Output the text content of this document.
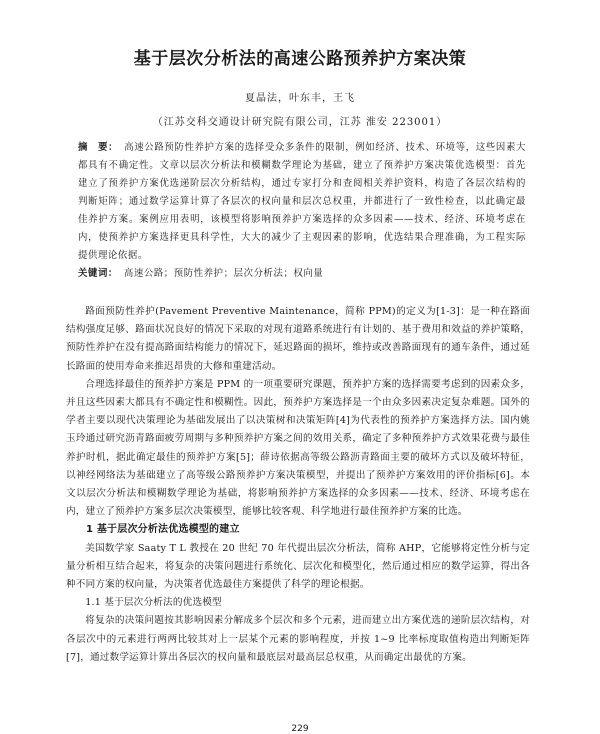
基于层次分析法的高速公路预养护方案决策
夏晶法，叶东丰，王飞
（江苏交科交通设计研究院有限公司，江苏 淮安 223001）
摘　要： 高速公路预防性养护方案的选择受众多条件的限制，例如经济、技术、环境等，这些因素大都具有不确定性。文章以层次分析法和模糊数学理论为基础，建立了预养护方案决策优选模型：首先建立了预养护方案优选递阶层次分析结构，通过专家打分和查阅相关养护资料，构造了各层次结构的判断矩阵；通过数学运算计算了各层次的权向量和层次总权重，并都进行了一致性检查，以此确定最佳养护方案。案例应用表明，该模型将影响预养护方案选择的众多因素——技术、经济、环境考虑在内，使预养护方案选择更具科学性，大大的减少了主观因素的影响，优选结果合理准确，为工程实际提供理论依据。
关键词： 高速公路；预防性养护；层次分析法；权向量

路面预防性养护(Pavement Preventive Maintenance，简称 PPM)的定义为[1-3]：是一种在路面结构强度足够、路面状况良好的情况下采取的对现有道路系统进行有计划的、基于费用和效益的养护策略，预防性养护在没有提高路面结构能力的情况下，延迟路面的损坏，维持或改善路面现有的通车条件，通过延长路面的使用寿命来推迟昂贵的大修和重建活动。

合理选择最佳的预养护方案是 PPM 的一项重要研究课题，预养护方案的选择需要考虑到的因素众多，并且这些因素大都具有不确定性和模糊性。因此，预养护方案选择是一个由众多因素决定复杂难题。国外的学者主要以现代决策理论为基础发展出了以决策树和决策矩阵[4]为代表性的预养护方案选择方法。国内姚玉玲通过研究沥青路面疲劳周期与多种预养护方案之间的效用关系，确定了多种预养护方式效果花费与最佳养护时机，据此确定最佳的预养护方案[5]；薛诗依据高等级公路沥青路面主要的破坏方式以及破坏特征，以神经网络法为基础建立了高等级公路预养护方案决策模型，并提出了预养护方案效用的评价指标[6]。本文以层次分析法和模糊数学理论为基础，将影响预养护方案选择的众多因素——技术、经济、环境考虑在内，建立了预养护方案多层次决策模型，能够比较客观、科学地进行最佳预养护方案的比选。

1 基于层次分析法优选模型的建立

美国数学家 Saaty T L 教授在 20 世纪 70 年代提出层次分析法，简称 AHP，它能够将定性分析与定量分析相互结合起来，将复杂的决策问题进行系统化、层次化和模型化，然后通过相应的数学运算，得出各种不同方案的权向量，为决策者优选最佳方案提供了科学的理论根据。

1.1 基于层次分析法的优选模型

将复杂的决策问题按其影响因素分解成多个层次和多个元素，进而建立出方案优选的递阶层次结构，对各层次中的元素进行两两比较其对上一层某个元素的影响程度，并按 1~9 比率标度取值构造出判断矩阵[7]，通过数学运算计算出各层次的权向量和最底层对最高层总权重，从而确定出最优的方案。

229
